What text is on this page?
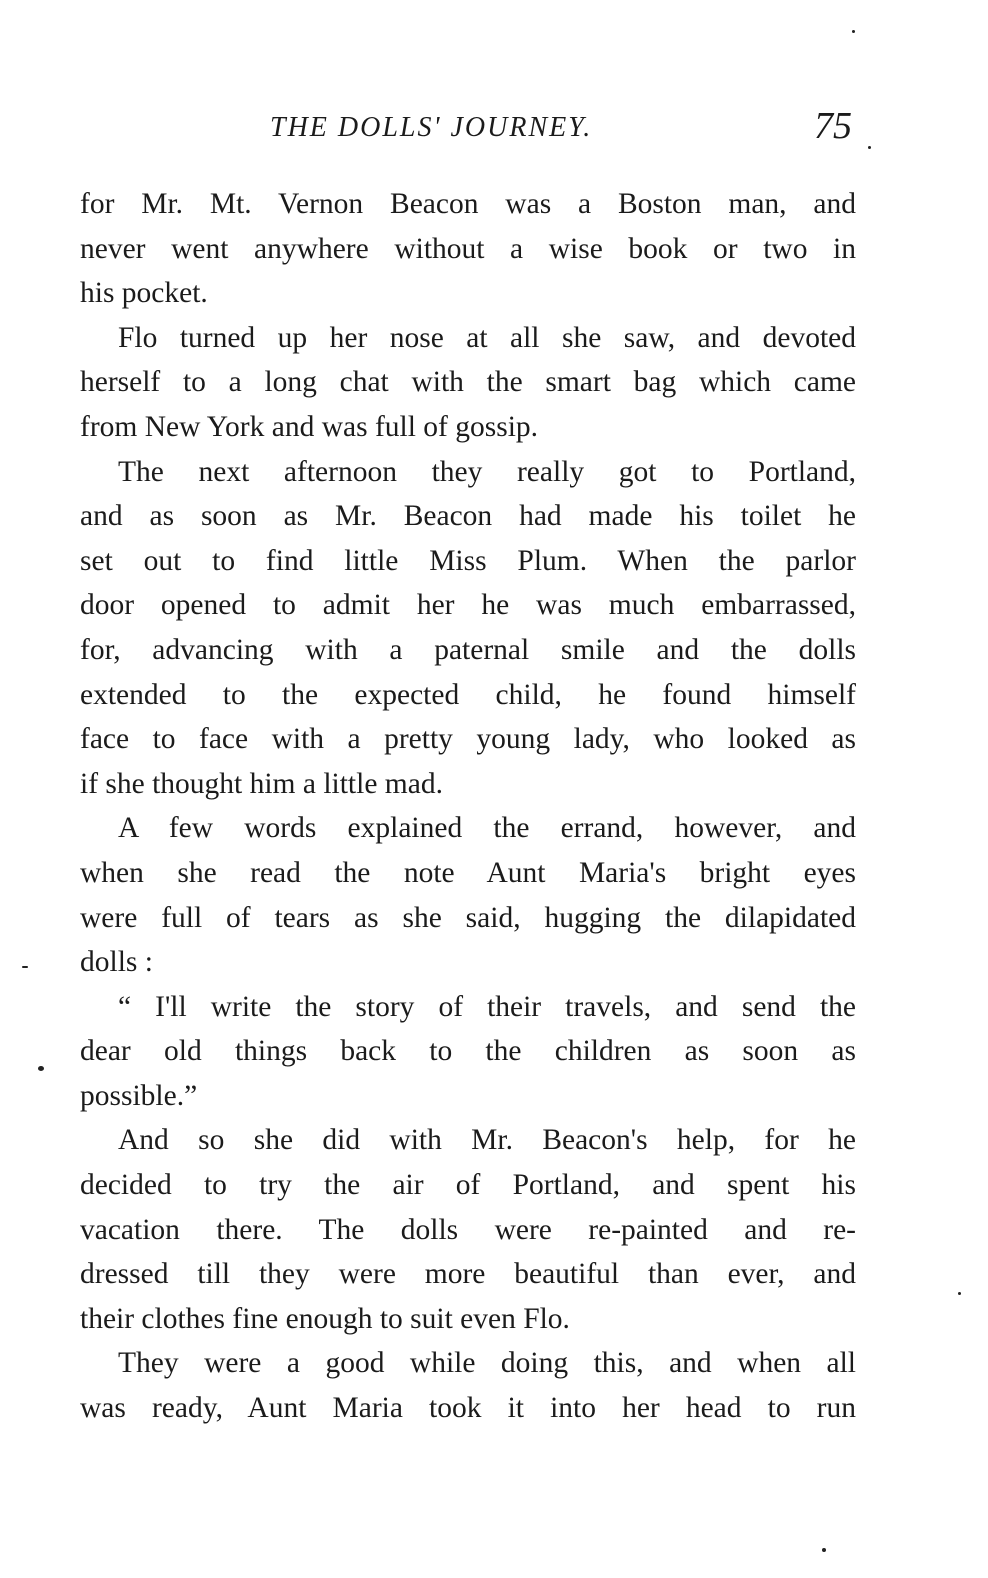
THE DOLLS' JOURNEY.	75
for Mr. Mt. Vernon Beacon was a Boston man, and
never went anywhere without a wise book or two in
his pocket.
Flo turned up her nose at all she saw, and devoted
herself to a long chat with the smart bag which came
from New York and was full of gossip.
The next afternoon they really got to Portland,
and as soon as Mr. Beacon had made his toilet he
set out to find little Miss Plum. When the parlor
door opened to admit her he was much embarrassed,
for, advancing with a paternal smile and the dolls
extended to the expected child, he found himself
face to face with a pretty young lady, who looked as
if she thought him a little mad.
A few words explained the errand, however, and
when she read the note Aunt Maria's bright eyes
were full of tears as she said, hugging the dilapidated
dolls :
“ I'll write the story of their travels, and send the
dear old things back to the children as soon as
possible.”
And so she did with Mr. Beacon's help, for he
decided to try the air of Portland, and spent his
vacation there. The dolls were re-painted and re-
dressed till they were more beautiful than ever, and
their clothes fine enough to suit even Flo.
They were a good while doing this, and when all
was ready, Aunt Maria took it into her head to run
